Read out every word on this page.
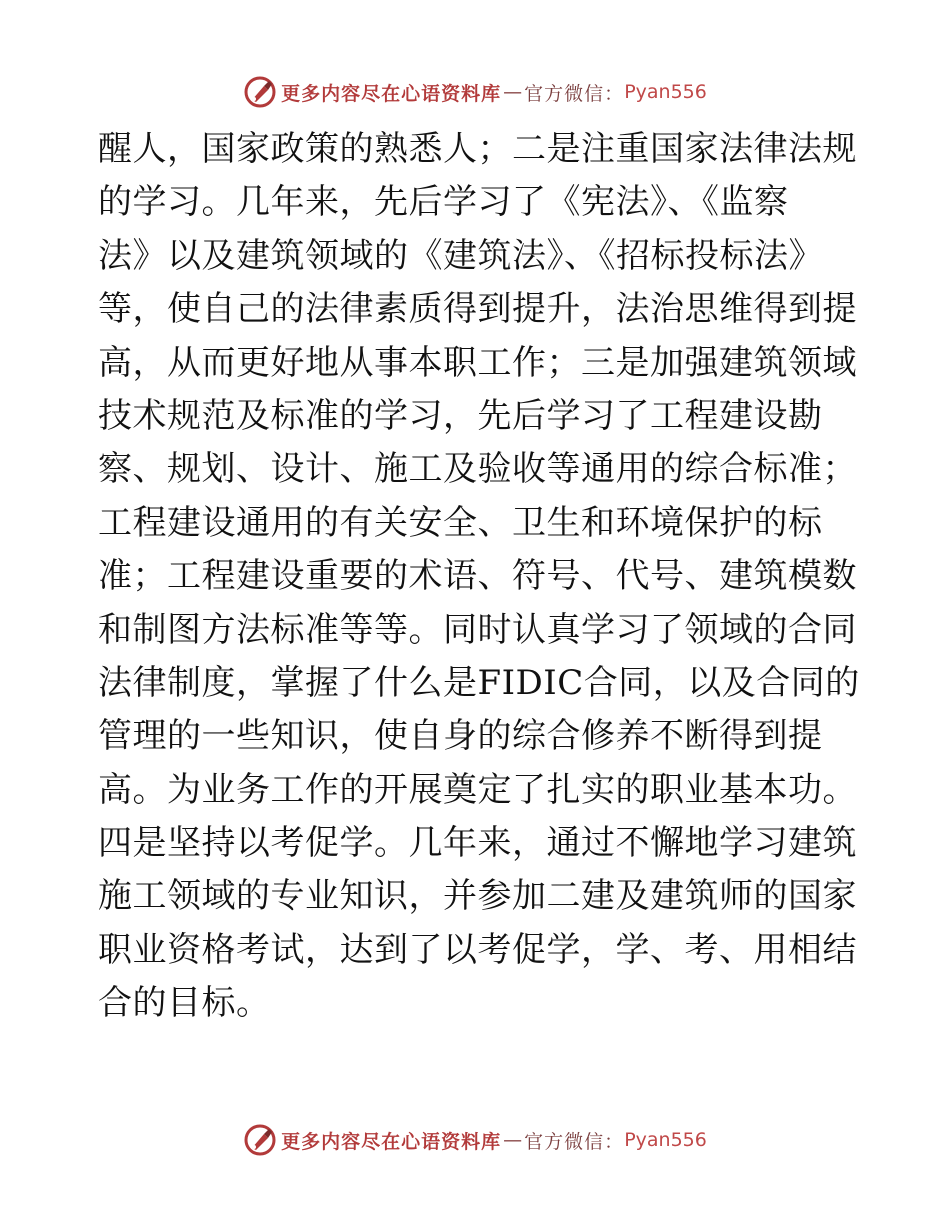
更多内容尽在心语资料库 — 官方微信： Pyan556
醒人，国家政策的熟悉人；二是注重国家法律法规
的学习。几年来，先后学习了《宪法》、《监察
法》以及建筑领域的《建筑法》、《招标投标法》
等，使自己的法律素质得到提升，法治思维得到提
高，从而更好地从事本职工作；三是加强建筑领域
技术规范及标准的学习，先后学习了工程建设勘
察、规划、设计、施工及验收等通用的综合标准；
工程建设通用的有关安全、卫生和环境保护的标
准；工程建设重要的术语、符号、代号、建筑模数
和制图方法标准等等。同时认真学习了领域的合同
法律制度，掌握了什么是FIDIC合同，以及合同的
管理的一些知识，使自身的综合修养不断得到提
高。为业务工作的开展奠定了扎实的职业基本功。
四是坚持以考促学。几年来，通过不懈地学习建筑
施工领域的专业知识，并参加二建及建筑师的国家
职业资格考试，达到了以考促学，学、考、用相结
合的目标。
更多内容尽在心语资料库 — 官方微信： Pyan556
